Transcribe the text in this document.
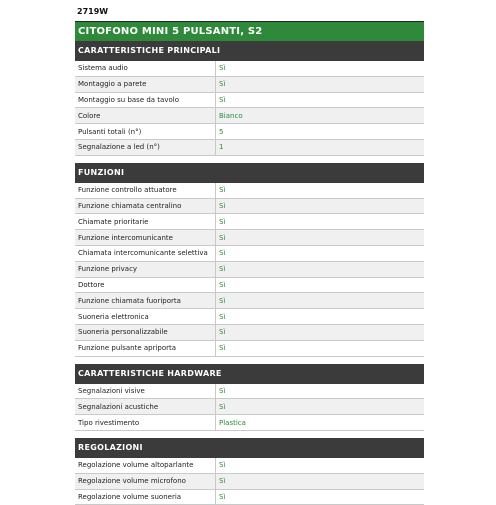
2719W
CITOFONO MINI 5 PULSANTI, S2
CARATTERISTICHE PRINCIPALI
Sistema audio	Sì
Montaggio a parete	Sì
Montaggio su base da tavolo	Sì
Colore	Bianco
Pulsanti totali (n°)	5
Segnalazione a led (n°)	1
FUNZIONI
Funzione controllo attuatore	Sì
Funzione chiamata centralino	Sì
Chiamate prioritarie	Sì
Funzione intercomunicante	Sì
Chiamata intercomunicante selettiva	Sì
Funzione privacy	Sì
Dottore	Sì
Funzione chiamata fuoriporta	Sì
Suoneria elettronica	Sì
Suoneria personalizzabile	Sì
Funzione pulsante apriporta	Sì
CARATTERISTICHE HARDWARE
Segnalazioni visive	Sì
Segnalazioni acustiche	Sì
Tipo rivestimento	Plastica
REGOLAZIONI
Regolazione volume altoparlante	Sì
Regolazione volume microfono	Sì
Regolazione volume suoneria	Sì
